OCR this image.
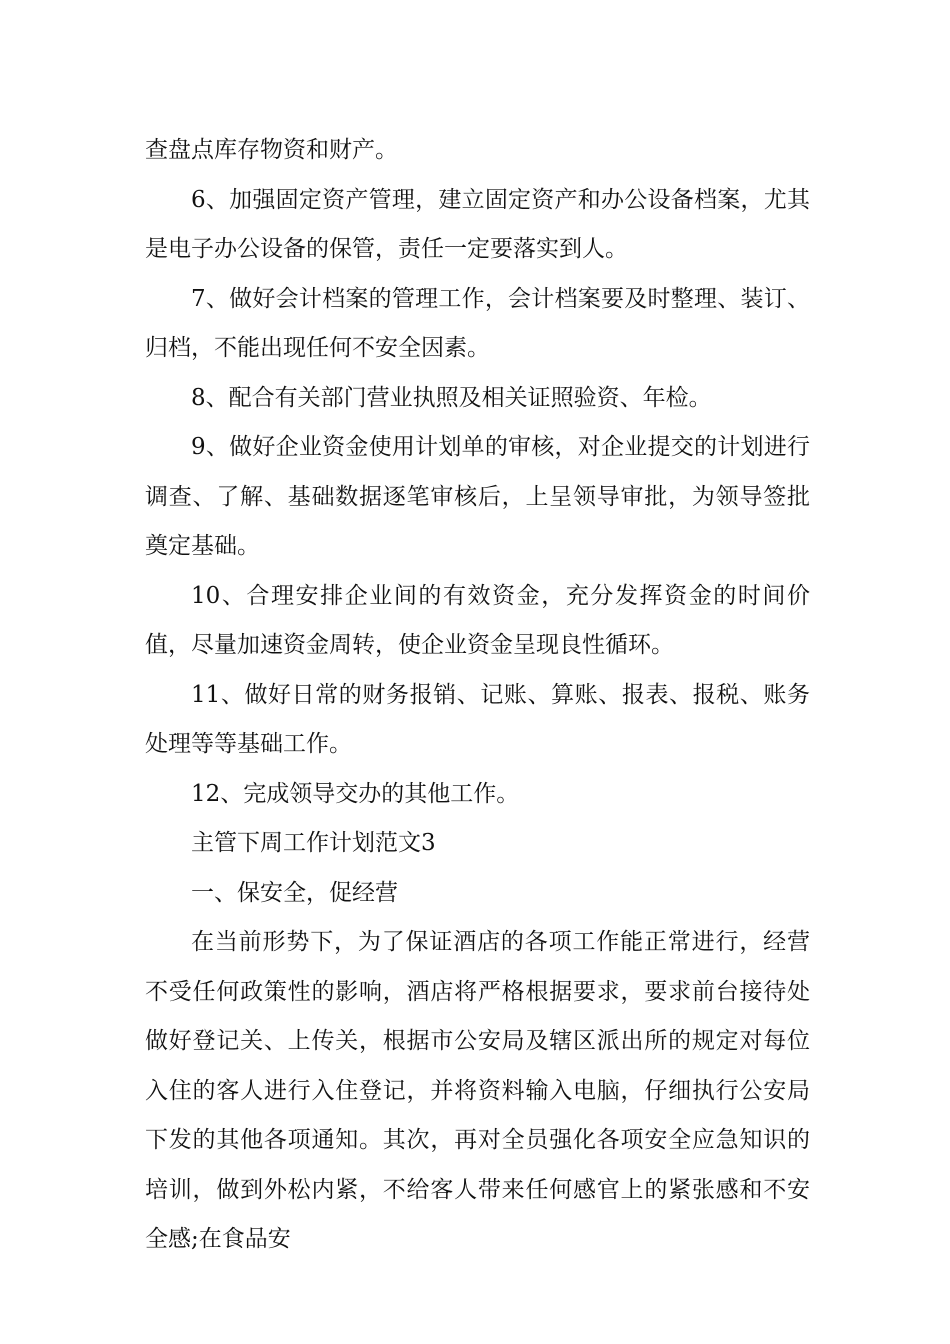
查盘点库存物资和财产。

6、加强固定资产管理，建立固定资产和办公设备档案，尤其是电子办公设备的保管，责任一定要落实到人。

7、做好会计档案的管理工作，会计档案要及时整理、装订、归档，不能出现任何不安全因素。

8、配合有关部门营业执照及相关证照验资、年检。

9、做好企业资金使用计划单的审核，对企业提交的计划进行调查、了解、基础数据逐笔审核后，上呈领导审批，为领导签批奠定基础。

10、合理安排企业间的有效资金，充分发挥资金的时间价值，尽量加速资金周转，使企业资金呈现良性循环。

11、做好日常的财务报销、记账、算账、报表、报税、账务处理等等基础工作。

12、完成领导交办的其他工作。

主管下周工作计划范文3

一、保安全，促经营

在当前形势下，为了保证酒店的各项工作能正常进行，经营不受任何政策性的影响，酒店将严格根据要求，要求前台接待处做好登记关、上传关，根据市公安局及辖区派出所的规定对每位入住的客人进行入住登记，并将资料输入电脑，仔细执行公安局下发的其他各项通知。其次，再对全员强化各项安全应急知识的培训，做到外松内紧，不给客人带来任何感官上的紧张感和不安全感;在食品安
